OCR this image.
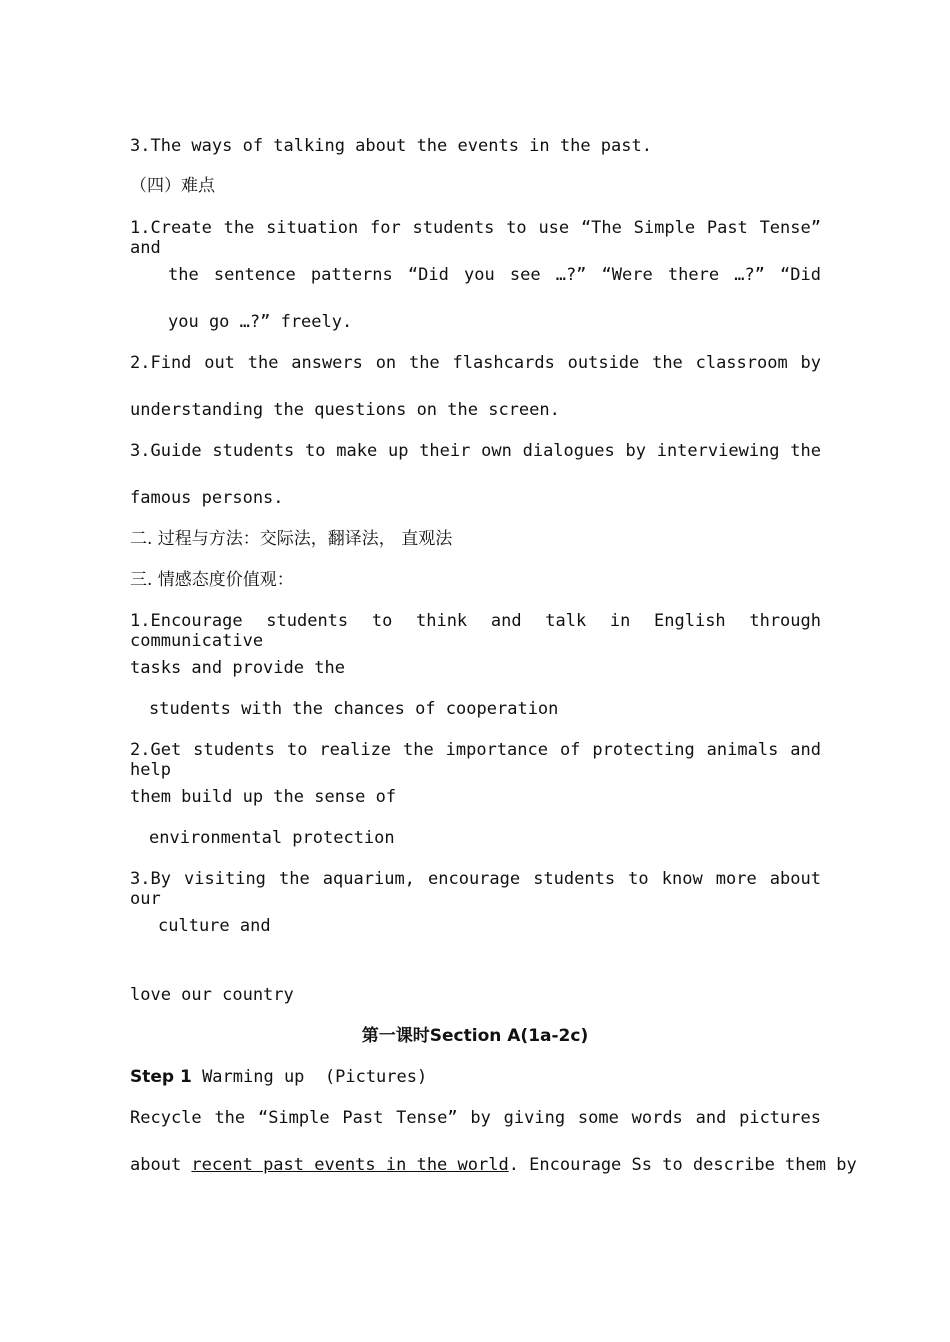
3.The ways of talking about the events in the past.
（四）难点
1.Create the situation for students to use “The Simple Past Tense” and
the sentence patterns “Did you see …?” “Were there …?” “Did
you go …?” freely.
2.Find out the answers on the flashcards outside the classroom by
understanding the questions on the screen.
3.Guide students to make up their own dialogues by interviewing the
famous persons.
二. 过程与方法：交际法，翻译法， 直观法
三. 情感态度价值观：
1.Encourage students to think and talk in English through communicative
tasks and provide the
students with the chances of cooperation
2.Get students to realize the importance of protecting animals and help
them build up the sense of
environmental protection
3.By visiting the aquarium, encourage students to know more about our
culture and
love our country
第一课时Section A(1a-2c)
Step 1 Warming up  (Pictures)
Recycle the “Simple Past Tense” by giving some words and pictures
about recent past events in the world. Encourage Ss to describe them by
